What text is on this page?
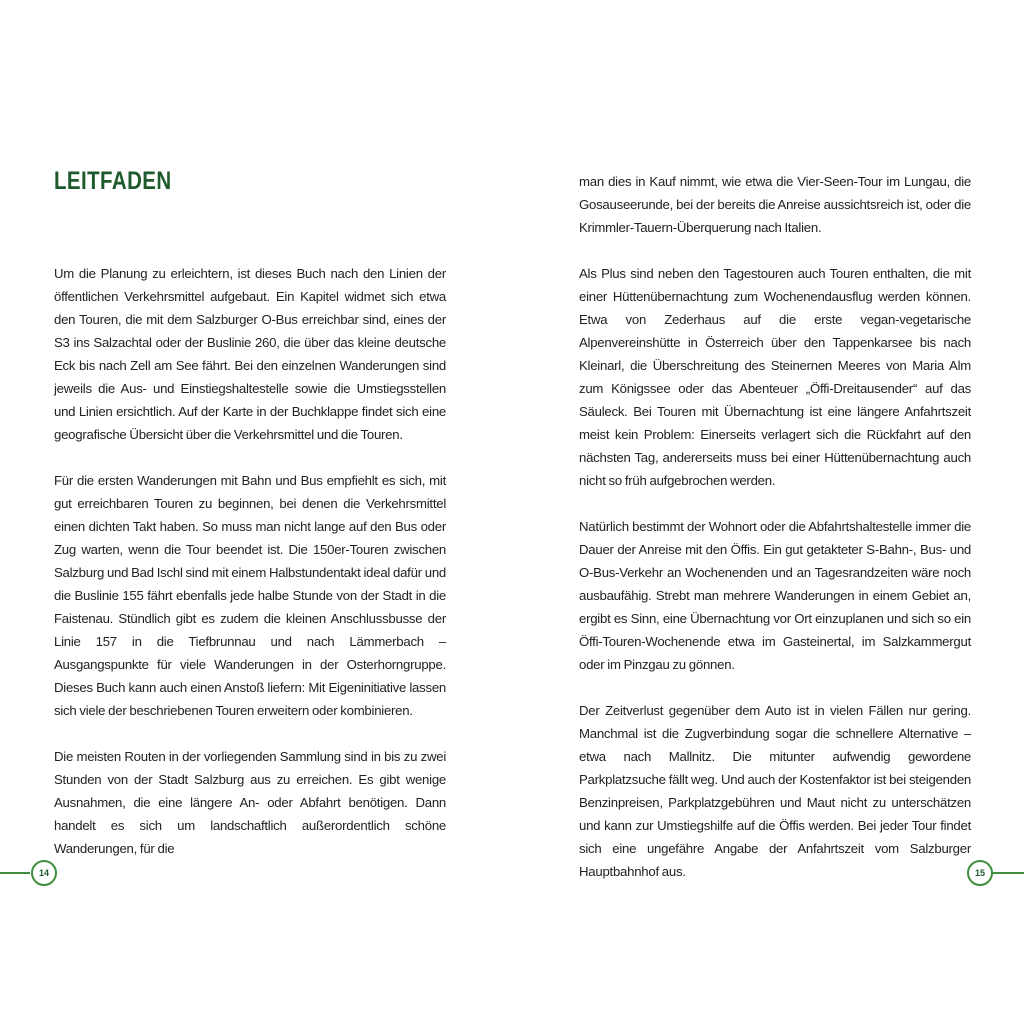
LEITFADEN

Um die Planung zu erleichtern, ist dieses Buch nach den Linien der öffentlichen Verkehrsmittel aufgebaut. Ein Kapitel widmet sich etwa den Touren, die mit dem Salzburger O-Bus erreichbar sind, eines der S3 ins Salzachtal oder der Buslinie 260, die über das kleine deutsche Eck bis nach Zell am See fährt. Bei den einzelnen Wanderungen sind jeweils die Aus- und Einstiegshaltestelle sowie die Umstiegsstellen und Linien ersichtlich. Auf der Karte in der Buchklappe findet sich eine geografische Übersicht über die Verkehrsmittel und die Touren.

Für die ersten Wanderungen mit Bahn und Bus empfiehlt es sich, mit gut erreichbaren Touren zu beginnen, bei denen die Verkehrsmittel einen dichten Takt haben. So muss man nicht lange auf den Bus oder Zug warten, wenn die Tour beendet ist. Die 150er-Touren zwischen Salzburg und Bad Ischl sind mit einem Halbstundentakt ideal dafür und die Buslinie 155 fährt ebenfalls jede halbe Stunde von der Stadt in die Faistenau. Stündlich gibt es zudem die kleinen Anschlussbusse der Linie 157 in die Tiefbrunnau und nach Lämmerbach – Ausgangspunkte für viele Wanderungen in der Osterhorngruppe. Dieses Buch kann auch einen Anstoß liefern: Mit Eigeninitiative lassen sich viele der beschriebenen Touren erweitern oder kombinieren.

Die meisten Routen in der vorliegenden Sammlung sind in bis zu zwei Stunden von der Stadt Salzburg aus zu erreichen. Es gibt wenige Ausnahmen, die eine längere An- oder Abfahrt benötigen. Dann handelt es sich um landschaftlich außerordentlich schöne Wanderungen, für die

man dies in Kauf nimmt, wie etwa die Vier-Seen-Tour im Lungau, die Gosauseerunde, bei der bereits die Anreise aussichtsreich ist, oder die Krimmler-Tauern-Überquerung nach Italien.

Als Plus sind neben den Tagestouren auch Touren enthalten, die mit einer Hüttenübernachtung zum Wochenendausflug werden können. Etwa von Zederhaus auf die erste vegan-vegetarische Alpenvereinshütte in Österreich über den Tappenkarsee bis nach Kleinarl, die Überschreitung des Steinernen Meeres von Maria Alm zum Königssee oder das Abenteuer „Öffi-Dreitausender“ auf das Säuleck. Bei Touren mit Übernachtung ist eine längere Anfahrtszeit meist kein Problem: Einerseits verlagert sich die Rückfahrt auf den nächsten Tag, andererseits muss bei einer Hüttenübernachtung auch nicht so früh aufgebrochen werden.

Natürlich bestimmt der Wohnort oder die Abfahrtshaltestelle immer die Dauer der Anreise mit den Öffis. Ein gut getakteter S-Bahn-, Bus- und O-Bus-Verkehr an Wochenenden und an Tagesrandzeiten wäre noch ausbaufähig. Strebt man mehrere Wanderungen in einem Gebiet an, ergibt es Sinn, eine Übernachtung vor Ort einzuplanen und sich so ein Öffi-Touren-Wochenende etwa im Gasteinertal, im Salzkammergut oder im Pinzgau zu gönnen.

Der Zeitverlust gegenüber dem Auto ist in vielen Fällen nur gering. Manchmal ist die Zugverbindung sogar die schnellere Alternative – etwa nach Mallnitz. Die mitunter aufwendig gewordene Parkplatzsuche fällt weg. Und auch der Kostenfaktor ist bei steigenden Benzinpreisen, Parkplatzgebühren und Maut nicht zu unterschätzen und kann zur Umstiegshilfe auf die Öffis werden. Bei jeder Tour findet sich eine ungefähre Angabe der Anfahrtszeit vom Salzburger Hauptbahnhof aus.

14	15
